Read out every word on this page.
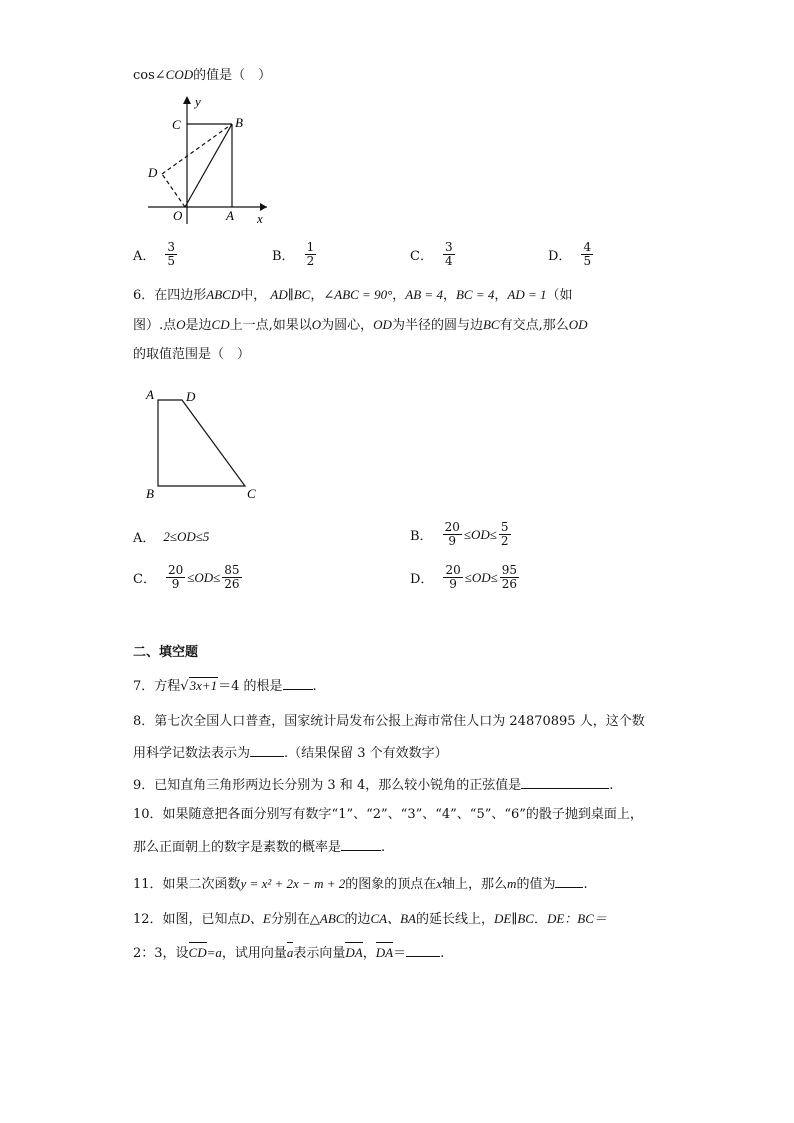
cos∠COD的值是（　）
y
C	B
D
O	A x
A． $\frac{3}{5}$	B． $\frac{1}{2}$	C． $\frac{3}{4}$	D． $\frac{4}{5}$
6．在四边形ABCD中， AD∥BC，∠ABC = 90°，AB = 4，BC = 4，AD = 1（如
图）.点O是边CD上一点,如果以O为圆心，OD为半径的圆与边BC有交点,那么OD
的取值范围是（　）
A D
B	C
A． 2≤OD≤5	B． $\frac{20}{9} \le OD\le \frac{5}{2}$
C． $\frac{20}{9} \le OD\le \frac{85}{26}$	D． $\frac{20}{9} \le OD\le \frac{95}{26}$
二、填空题
7．方程√3x+1＝4 的根是 .
8．第七次全国人口普查，国家统计局发布公报上海市常住人口为 24870895 人，这个数
用科学记数法表示为	.（结果保留 3 个有效数字）
9．已知直角三角形两边长分别为 3 和 4，那么较小锐角的正弦值是	.
10．如果随意把各面分别写有数字“1”、“2”、“3”、“4”、“5”、“6”的骰子抛到桌面上，
那么正面朝上的数字是素数的概率是	.
11．如果二次函数y = x² + 2x − m + 2的图象的顶点在x轴上，那么m的值为 .
12．如图，已知点D、E分别在△ABC的边CA、BA的延长线上，DE∥BC．DE：BC＝
2：3，设CD=a，试用向量a表示向量DA，DA＝	.
